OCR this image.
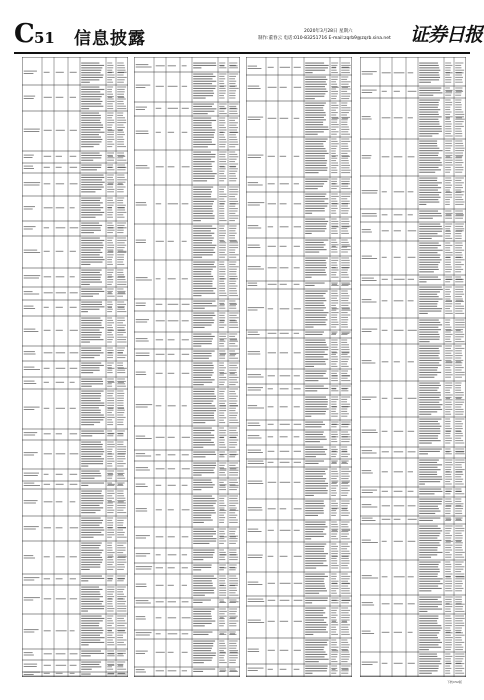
C 51 信息披露	2020年3月28日 星期六
制作:董春云 电话:010-83251716 E-mail:zqrb9@zqrb.sina.net 证券日报
下转C52版
